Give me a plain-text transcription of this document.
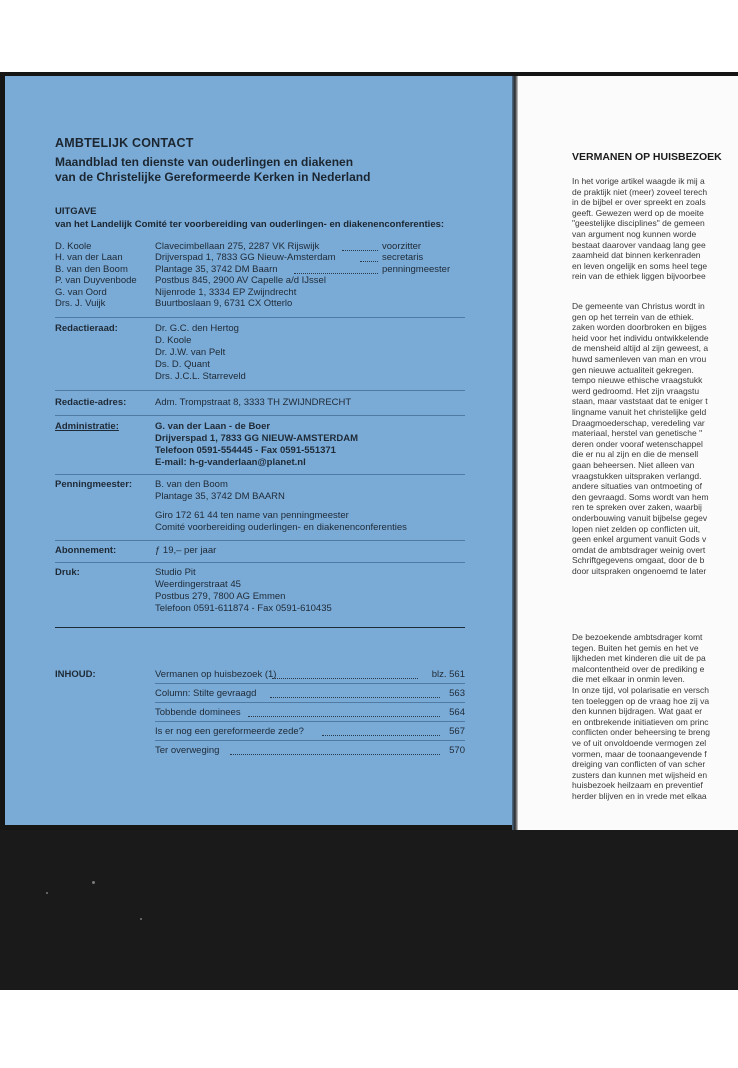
AMBTELIJK CONTACT
Maandblad ten dienste van ouderlingen en diakenen
van de Christelijke Gereformeerde Kerken in Nederland
UITGAVE
van het Landelijk Comité ter voorbereiding van ouderlingen- en diakenenconferenties:
D. Koole	Clavecimbellaan 275, 2287 VK Rijswijk	voorzitter
H. van der Laan	Drijverspad 1, 7833 GG Nieuw-Amsterdam	secretaris
B. van den Boom	Plantage 35, 3742 DM Baarn	penningmeester
P. van Duyvenbode Postbus 845, 2900 AV Capelle a/d IJssel
G. van Oord	Nijenrode 1, 3334 EP Zwijndrecht
Drs. J. Vuijk	Buurtboslaan 9, 6731 CX Otterlo
Redactieraad:	Dr. G.C. den Hertog
D. Koole
Dr. J.W. van Pelt
Ds. D. Quant
Drs. J.C.L. Starreveld
Redactie-adres:	Adm. Trompstraat 8, 3333 TH ZWIJNDRECHT
Administratie:	G. van der Laan - de Boer
Drijverspad 1, 7833 GG NIEUW-AMSTERDAM
Telefoon 0591-554445 - Fax 0591-551371
E-mail: h-g-vanderlaan@planet.nl
Penningmeester: B. van den Boom
Plantage 35, 3742 DM BAARN
Giro 172 61 44 ten name van penningmeester
Comité voorbereiding ouderlingen- en diakenenconferenties
Abonnement:	ƒ 19,– per jaar
Druk:	Studio Pit
Weerdingerstraat 45
Postbus 279, 7800 AG Emmen
Telefoon 0591-611874 - Fax 0591-610435
INHOUD:	Vermanen op huisbezoek (1)	blz. 561
Column: Stilte gevraagd	563
Tobbende dominees	564
Is er nog een gereformeerde zede?	567
Ter overweging	570
VERMANEN OP HUISBEZOEK
In het vorige artikel waagde ik mij a
de praktijk niet (meer) zoveel terech
in de bijbel er over spreekt en zoals
geeft. Gewezen werd op de moeite
"geestelijke disciplines" de gemeen
van argument nog kunnen worde
bestaat daarover vandaag lang gee
zaamheid dat binnen kerkenraden
en leven ongelijk en soms heel tege
rein van de ethiek liggen bijvoorbee
De gemeente van Christus wordt in
gen op het terrein van de ethiek.
zaken worden doorbroken en bijges
heid voor het individu ontwikkelende
de mensheid altijd al zijn geweest, a
huwd samenleven van man en vrou
gen nieuwe actualiteit gekregen.
tempo nieuwe ethische vraagstukk
werd gedroomd. Het zijn vraagstu
staan, maar vaststaat dat te eniger t
lingname vanuit het christelijke geld
Draagmoederschap, veredeling var
materiaal, herstel van genetische "
deren onder vooraf wetenschappel
die er nu al zijn en die de mensell
gaan beheersen. Niet alleen van
vraagstukken uitspraken verlangd.
andere situaties van ontmoeting of
den gevraagd. Soms wordt van hem
ren te spreken over zaken, waarbij
onderbouwing vanuit bijbelse gegev
lopen niet zelden op conflicten uit,
geen enkel argument vanuit Gods v
omdat de ambtsdrager weinig overt
Schriftgegevens omgaat, door de b
door uitspraken ongenoemd te later
De bezoekende ambtsdrager komt
tegen. Buiten het gemis en het ve
lijkheden met kinderen die uit de pa
malcontentheid over de prediking e
die met elkaar in onmin leven.
In onze tijd, vol polarisatie en versch
ten toeleggen op de vraag hoe zij va
den kunnen bijdragen. Wat gaat er
en ontbrekende initiatieven om princ
conflicten onder beheersing te breng
ve of uit onvoldoende vermogen zel
vormen, maar de toonaangevende f
dreiging van conflicten of van scher
zusters dan kunnen met wijsheid en
huisbezoek heilzaam en preventief
herder blijven en in vrede met elkaa
